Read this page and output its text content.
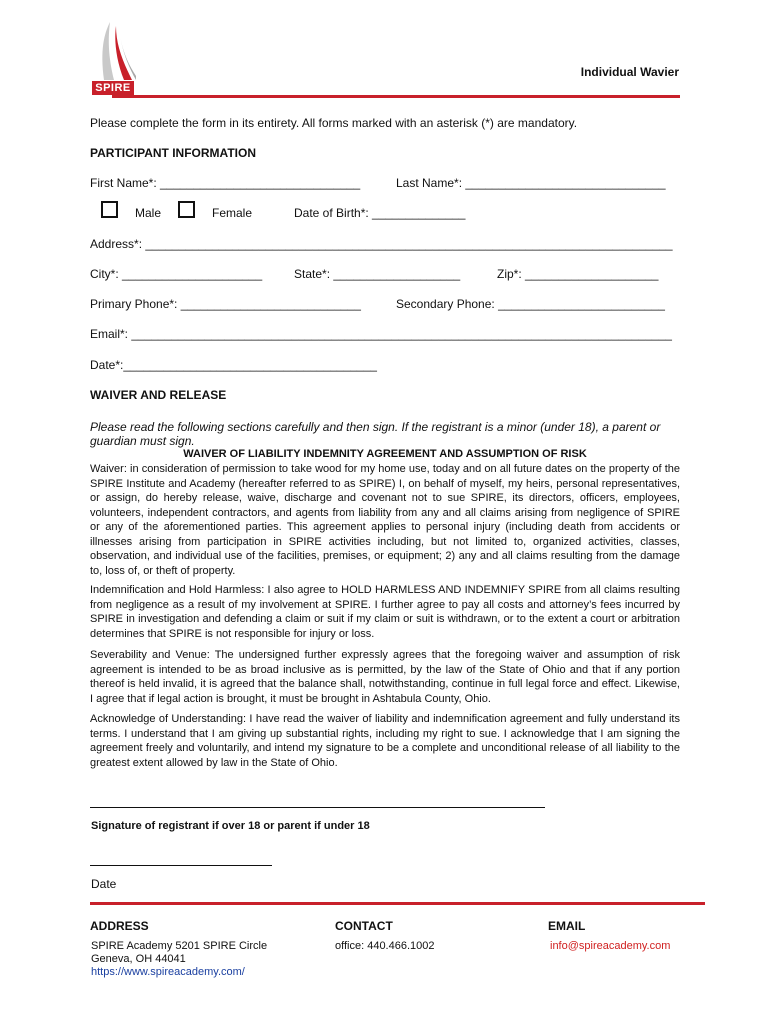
SPIRE
Individual Wavier
Please complete the form in its entirety. All forms marked with an asterisk (*) are mandatory.
PARTICIPANT INFORMATION
First Name*: ______________________________	Last Name*: ______________________________
Male	Female	Date of Birth*: ______________
Address*: _______________________________________________________________________________
City*: _____________________	State*: ___________________	Zip*: ____________________
Primary Phone*: ___________________________	Secondary Phone: _________________________
Email*: _________________________________________________________________________________
Date*:______________________________________
WAIVER AND RELEASE
Please read the following sections carefully and then sign. If the registrant is a minor (under 18), a parent or guardian must sign.
WAIVER OF LIABILITY INDEMNITY AGREEMENT AND ASSUMPTION OF RISK
Waiver: in consideration of permission to take wood for my home use, today and on all future dates on the property of the SPIRE Institute and Academy (hereafter referred to as SPIRE) I, on behalf of myself, my heirs, personal representatives, or assign, do hereby release, waive, discharge and covenant not to sue SPIRE, its directors, officers, employees, volunteers, independent contractors, and agents from liability from any and all claims arising from negligence of SPIRE or any of the aforementioned parties. This agreement applies to personal injury (including death from accidents or illnesses arising from participation in SPIRE activities including, but not limited to, organized activities, classes, observation, and individual use of the facilities, premises, or equipment; 2) any and all claims resulting from the damage to, loss of, or theft of property.
Indemnification and Hold Harmless: I also agree to HOLD HARMLESS AND INDEMNIFY SPIRE from all claims resulting from negligence as a result of my involvement at SPIRE. I further agree to pay all costs and attorney’s fees incurred by SPIRE in investigation and defending a claim or suit if my claim or suit is withdrawn, or to the extent a court or arbitration determines that SPIRE is not responsible for injury or loss.
Severability and Venue: The undersigned further expressly agrees that the foregoing waiver and assumption of risk agreement is intended to be as broad inclusive as is permitted, by the law of the State of Ohio and that if any portion thereof is held invalid, it is agreed that the balance shall, notwithstanding, continue in full legal force and effect. Likewise, I agree that if legal action is brought, it must be brought in Ashtabula County, Ohio.
Acknowledge of Understanding: I have read the waiver of liability and indemnification agreement and fully understand its terms. I understand that I am giving up substantial rights, including my right to sue. I acknowledge that I am signing the agreement freely and voluntarily, and intend my signature to be a complete and unconditional release of all liability to the greatest extent allowed by law in the State of Ohio.
Signature of registrant if over 18 or parent if under 18
Date
ADDRESS
SPIRE Academy 5201 SPIRE Circle
Geneva, OH 44041
https://www.spireacademy.com/
CONTACT
office: 440.466.1002
EMAIL
info@spireacademy.com
